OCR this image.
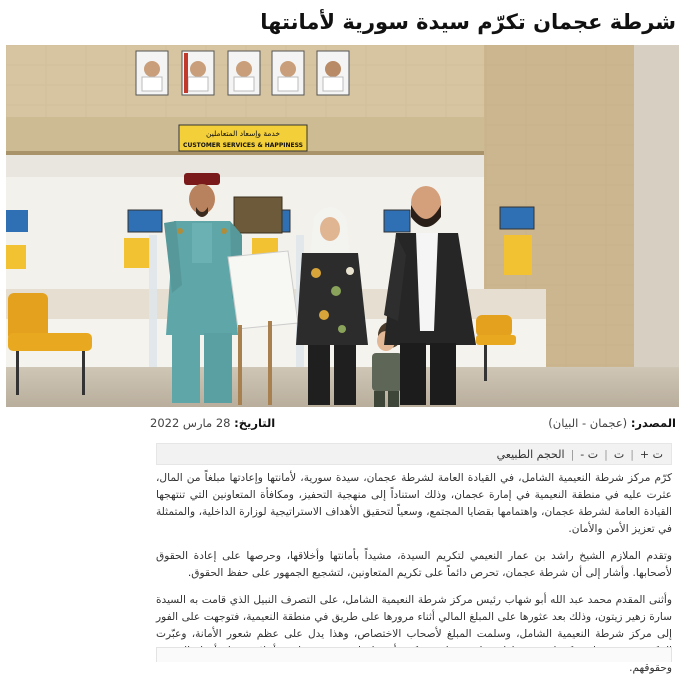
شرطة عجمان تكرّم سيدة سورية لأمانتها
خدمة وإسعاد المتعاملين
CUSTOMER SERVICES & HAPPINESS
المصدر: (عجمان - البيان)
التاريخ: 28 مارس 2022
ت +
|
ت
|
ت -
|
الحجم الطبيعي

كرّم مركز شرطة النعيمية الشامل، في القيادة العامة لشرطة عجمان، سيدة سورية، لأمانتها وإعادتها مبلغاً من المال، عثرت عليه في منطقة النعيمية في إمارة عجمان، وذلك استناداً إلى منهجية التحفيز، ومكافأة المتعاونين التي تنتهجها القيادة العامة لشرطة عجمان، واهتمامها بقضايا المجتمع، وسعياً لتحقيق الأهداف الاستراتيجية لوزارة الداخلية، والمتمثلة في تعزيز الأمن والأمان.

وتقدم الملازم الشيخ راشد بن عمار النعيمي لتكريم السيدة، مشيداً بأمانتها وأخلاقها، وحرصها على إعادة الحقوق لأصحابها. وأشار إلى أن شرطة عجمان، تحرص دائماً على تكريم المتعاونين، لتشجيع الجمهور على حفظ الحقوق.

وأثنى المقدم محمد عبد الله أبو شهاب رئيس مركز شرطة النعيمية الشامل، على التصرف النبيل الذي قامت به السيدة سارة زهير زيتون، وذلك بعد عثورها على المبلغ المالي أثناء مرورها على طريق في منطقة النعيمية، فتوجهت على الفور إلى مركز شرطة النعيمية الشامل، وسلمت المبلغ لأصحاب الاختصاص، وهذا يدل على عظم شعور الأمانة، وعبّرت وحقوقهم.
